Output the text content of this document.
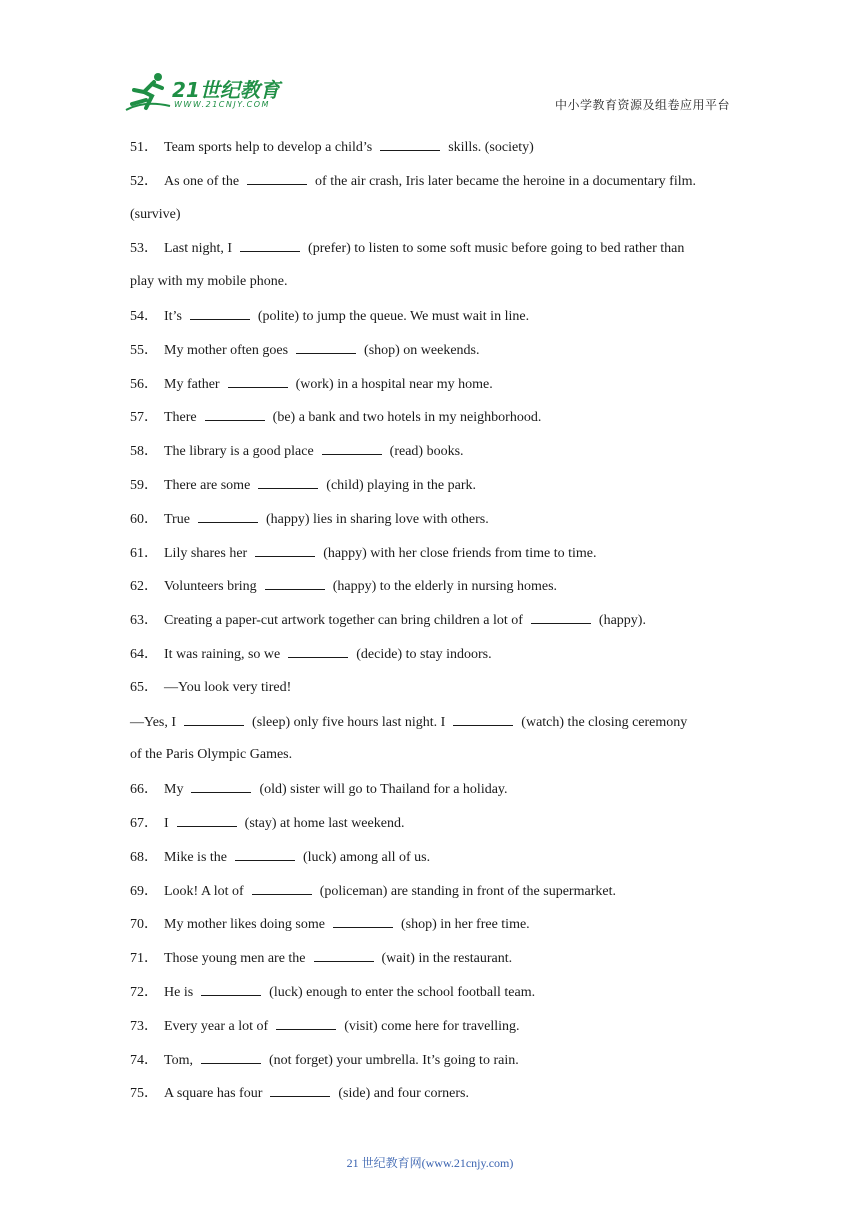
21世纪教育
WWW.21CNJY.COM	中小学教育资源及组卷应用平台
51． Team sports help to develop a child’s	skills. (society)
52． As one of the	of the air crash, Iris later became the heroine in a documentary film.
(survive)
53． Last night, I	(prefer) to listen to some soft music before going to bed rather than
play with my mobile phone.
54． It’s	(polite) to jump the queue. We must wait in line.
55． My mother often goes	(shop) on weekends.
56． My father	(work) in a hospital near my home.
57． There	(be) a bank and two hotels in my neighborhood.
58． The library is a good place	(read) books.
59． There are some	(child) playing in the park.
60． True	(happy) lies in sharing love with others.
61． Lily shares her	(happy) with her close friends from time to time.
62． Volunteers bring	(happy) to the elderly in nursing homes.
63． Creating a paper-cut artwork together can bring children a lot of	(happy).
64． It was raining, so we	(decide) to stay indoors.
65． —You look very tired!
—Yes, I	(sleep) only five hours last night. I	(watch) the closing ceremony
of the Paris Olympic Games.
66． My	(old) sister will go to Thailand for a holiday.
67． I	(stay) at home last weekend.
68． Mike is the	(luck) among all of us.
69． Look! A lot of	(policeman) are standing in front of the supermarket.
70． My mother likes doing some	(shop) in her free time.
71． Those young men are the	(wait) in the restaurant.
72． He is	(luck) enough to enter the school football team.
73． Every year a lot of	(visit) come here for travelling.
74． Tom,	(not forget) your umbrella. It’s going to rain.
75． A square has four	(side) and four corners.
21 世纪教育网(www.21cnjy.com)
